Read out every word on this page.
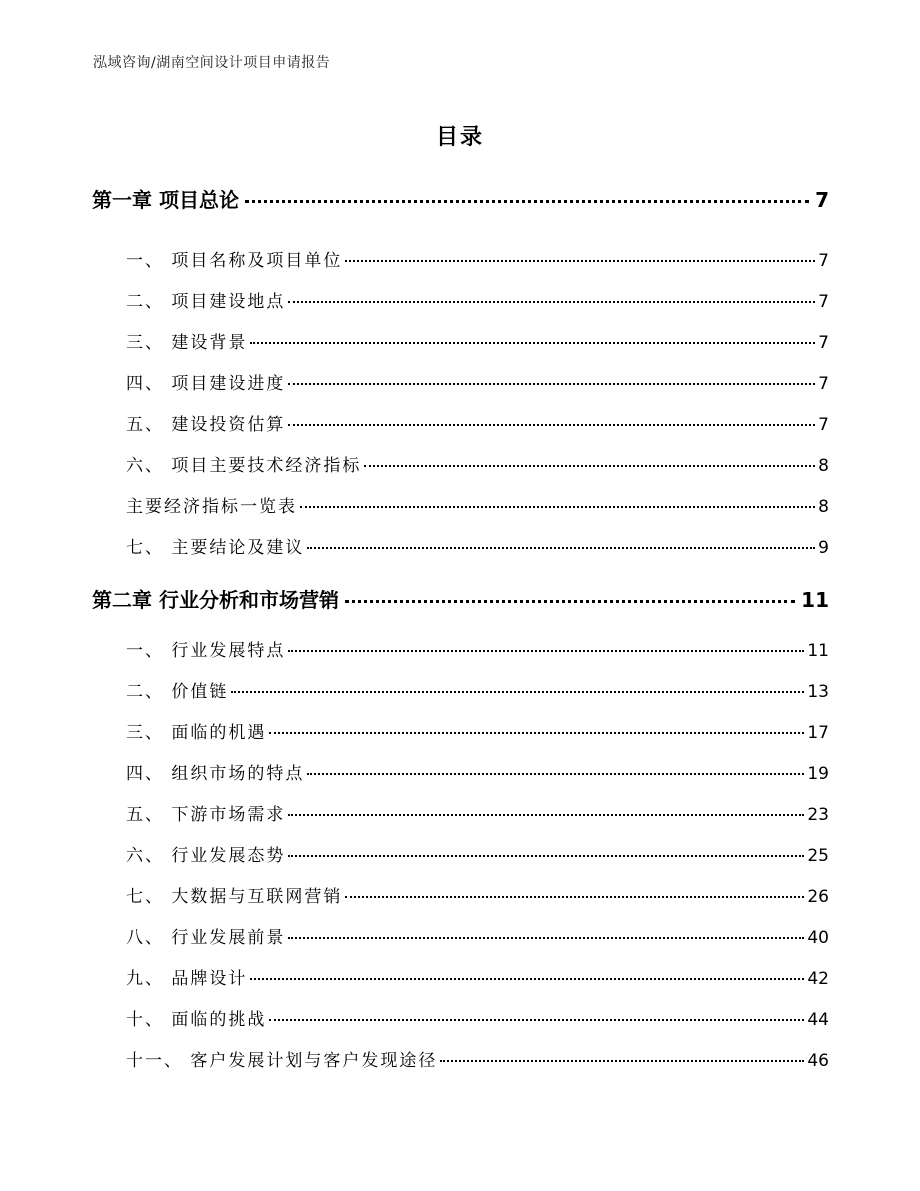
泓域咨询/湖南空间设计项目申请报告
目录
第一章 项目总论	7
一、 项目名称及项目单位	7
二、 项目建设地点	7
三、 建设背景	7
四、 项目建设进度	7
五、 建设投资估算	7
六、 项目主要技术经济指标	8
主要经济指标一览表	8
七、 主要结论及建议	9
第二章 行业分析和市场营销	11
一、 行业发展特点	11
二、 价值链	13
三、 面临的机遇	17
四、 组织市场的特点	19
五、 下游市场需求	23
六、 行业发展态势	25
七、 大数据与互联网营销	26
八、 行业发展前景	40
九、 品牌设计	42
十、 面临的挑战	44
十一、 客户发展计划与客户发现途径	46
